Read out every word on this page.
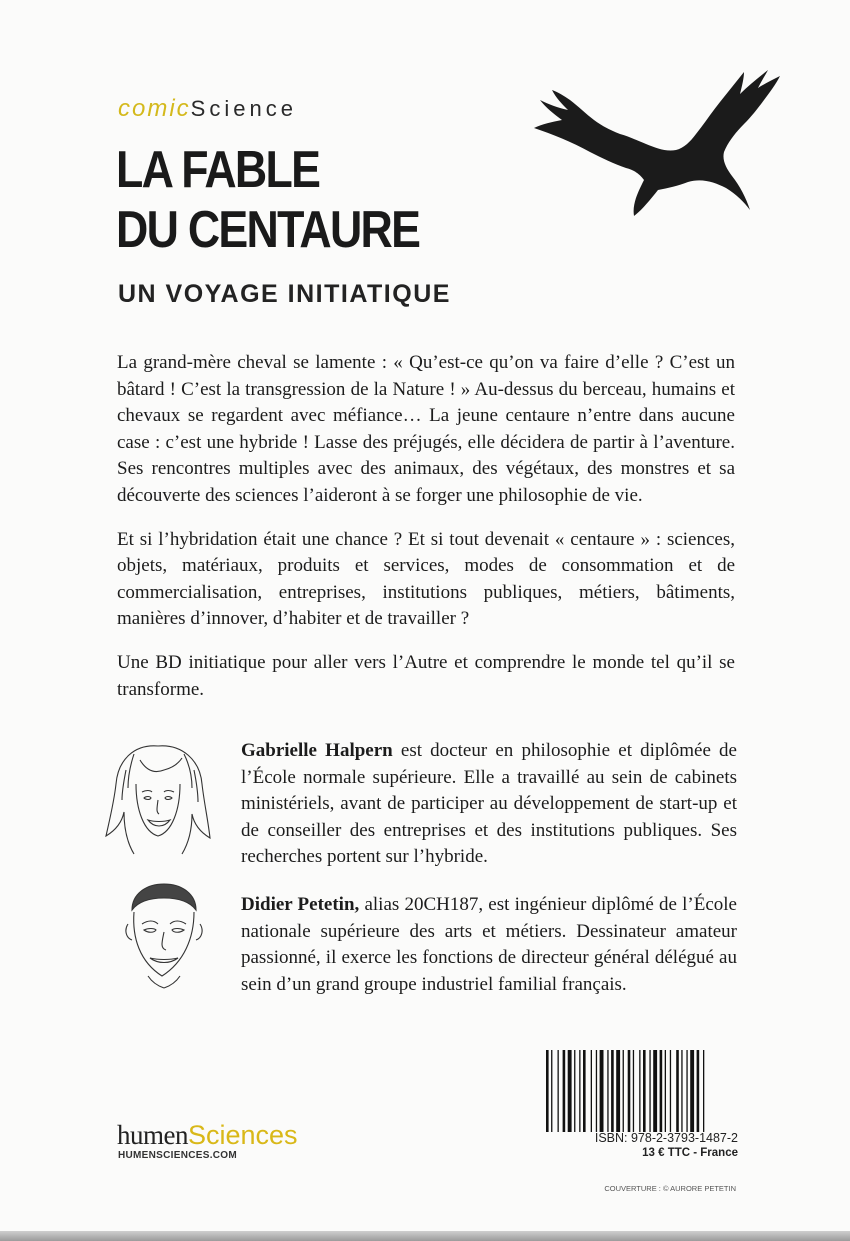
comicScience
LA FABLE
DU CENTAURE
UN VOYAGE INITIATIQUE

La grand-mère cheval se lamente : « Qu’est-ce qu’on va faire d’elle ? C’est un bâtard ! C’est la transgression de la Nature ! » Au-dessus du berceau, humains et chevaux se regardent avec méfiance… La jeune centaure n’entre dans aucune case : c’est une hybride ! Lasse des préjugés, elle décidera de partir à l’aventure. Ses rencontres multiples avec des animaux, des végétaux, des monstres et sa découverte des sciences l’aideront à se forger une philosophie de vie.

Et si l’hybridation était une chance ? Et si tout devenait « centaure » : sciences, objets, matériaux, produits et services, modes de consommation et de commercialisation, entreprises, institutions publiques, métiers, bâtiments, manières d’innover, d’habiter et de travailler ?

Une BD initiatique pour aller vers l’Autre et comprendre le monde tel qu’il se transforme.

Gabrielle Halpern est docteur en philosophie et diplômée de l’École normale supérieure. Elle a travaillé au sein de cabinets ministériels, avant de participer au développement de start-up et de conseiller des entreprises et des institutions publiques. Ses recherches portent sur l’hybride.
Didier Petetin, alias 20CH187, est ingénieur diplômé de l’École nationale supérieure des arts et métiers. Dessinateur amateur passionné, il exerce les fonctions de directeur général délégué au sein d’un grand groupe industriel familial français.
humenSciences
HUMENSCIENCES.COM
ISBN: 978-2-3793-1487-2
13 € TTC - France
COUVERTURE : © AURORE PETETIN
